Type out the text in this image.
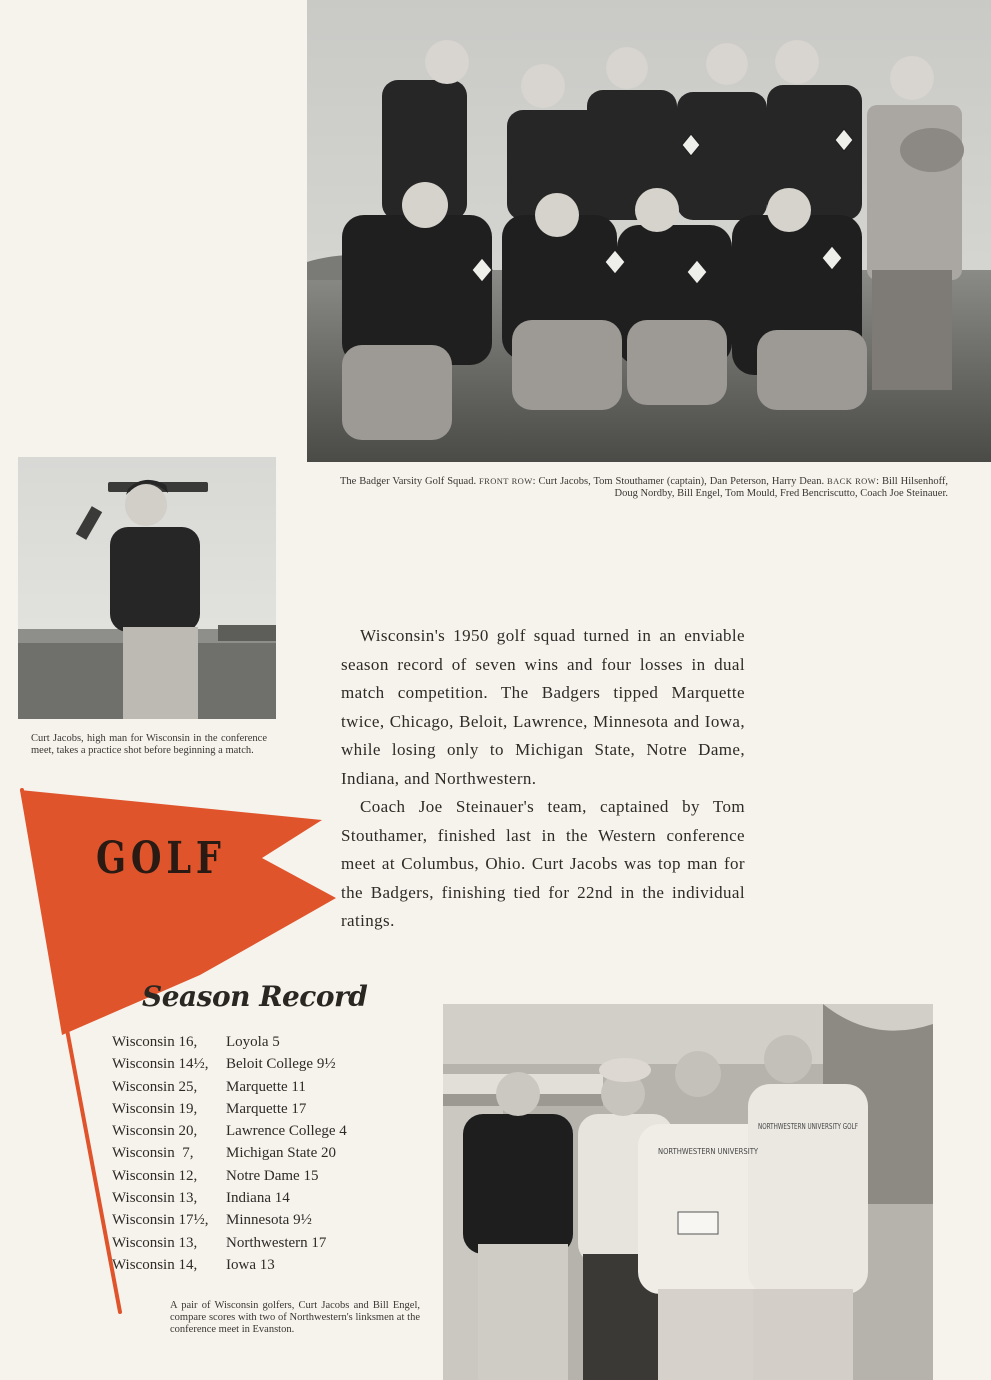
The Badger Varsity Golf Squad. FRONT ROW: Curt Jacobs, Tom Stouthamer (captain), Dan Peterson, Harry Dean. BACK ROW: Bill Hilsenhoff, Doug Nordby, Bill Engel, Tom Mould, Fred Bencriscutto, Coach Joe Steinauer.
Curt Jacobs, high man for Wisconsin in the conference meet, takes a practice shot before beginning a match.
GOLF

Wisconsin's 1950 golf squad turned in an enviable season record of seven wins and four losses in dual match competition. The Badgers tipped Marquette twice, Chicago, Beloit, Lawrence, Minnesota and Iowa, while losing only to Michigan State, Notre Dame, Indiana, and Northwestern.

Coach Joe Steinauer's team, captained by Tom Stouthamer, finished last in the Western conference meet at Columbus, Ohio. Curt Jacobs was top man for the Badgers, finishing tied for 22nd in the individual ratings.

Season Record
Wisconsin 16,	Loyola 5
Wisconsin 14½,	Beloit College 9½
Wisconsin 25,	Marquette 11
Wisconsin 19,	Marquette 17
Wisconsin 20,	Lawrence College 4
Wisconsin  7,	Michigan State 20
Wisconsin 12,	Notre Dame 15
Wisconsin 13,	Indiana 14
Wisconsin 17½,	Minnesota 9½
Wisconsin 13,	Northwestern 17
Wisconsin 14,	Iowa 13
NORTHWESTERN UNIVERSITY
NORTHWESTERN UNIVERSITY GOLF
A pair of Wisconsin golfers, Curt Jacobs and Bill Engel, compare scores with two of Northwestern's linksmen at the conference meet in Evanston.
